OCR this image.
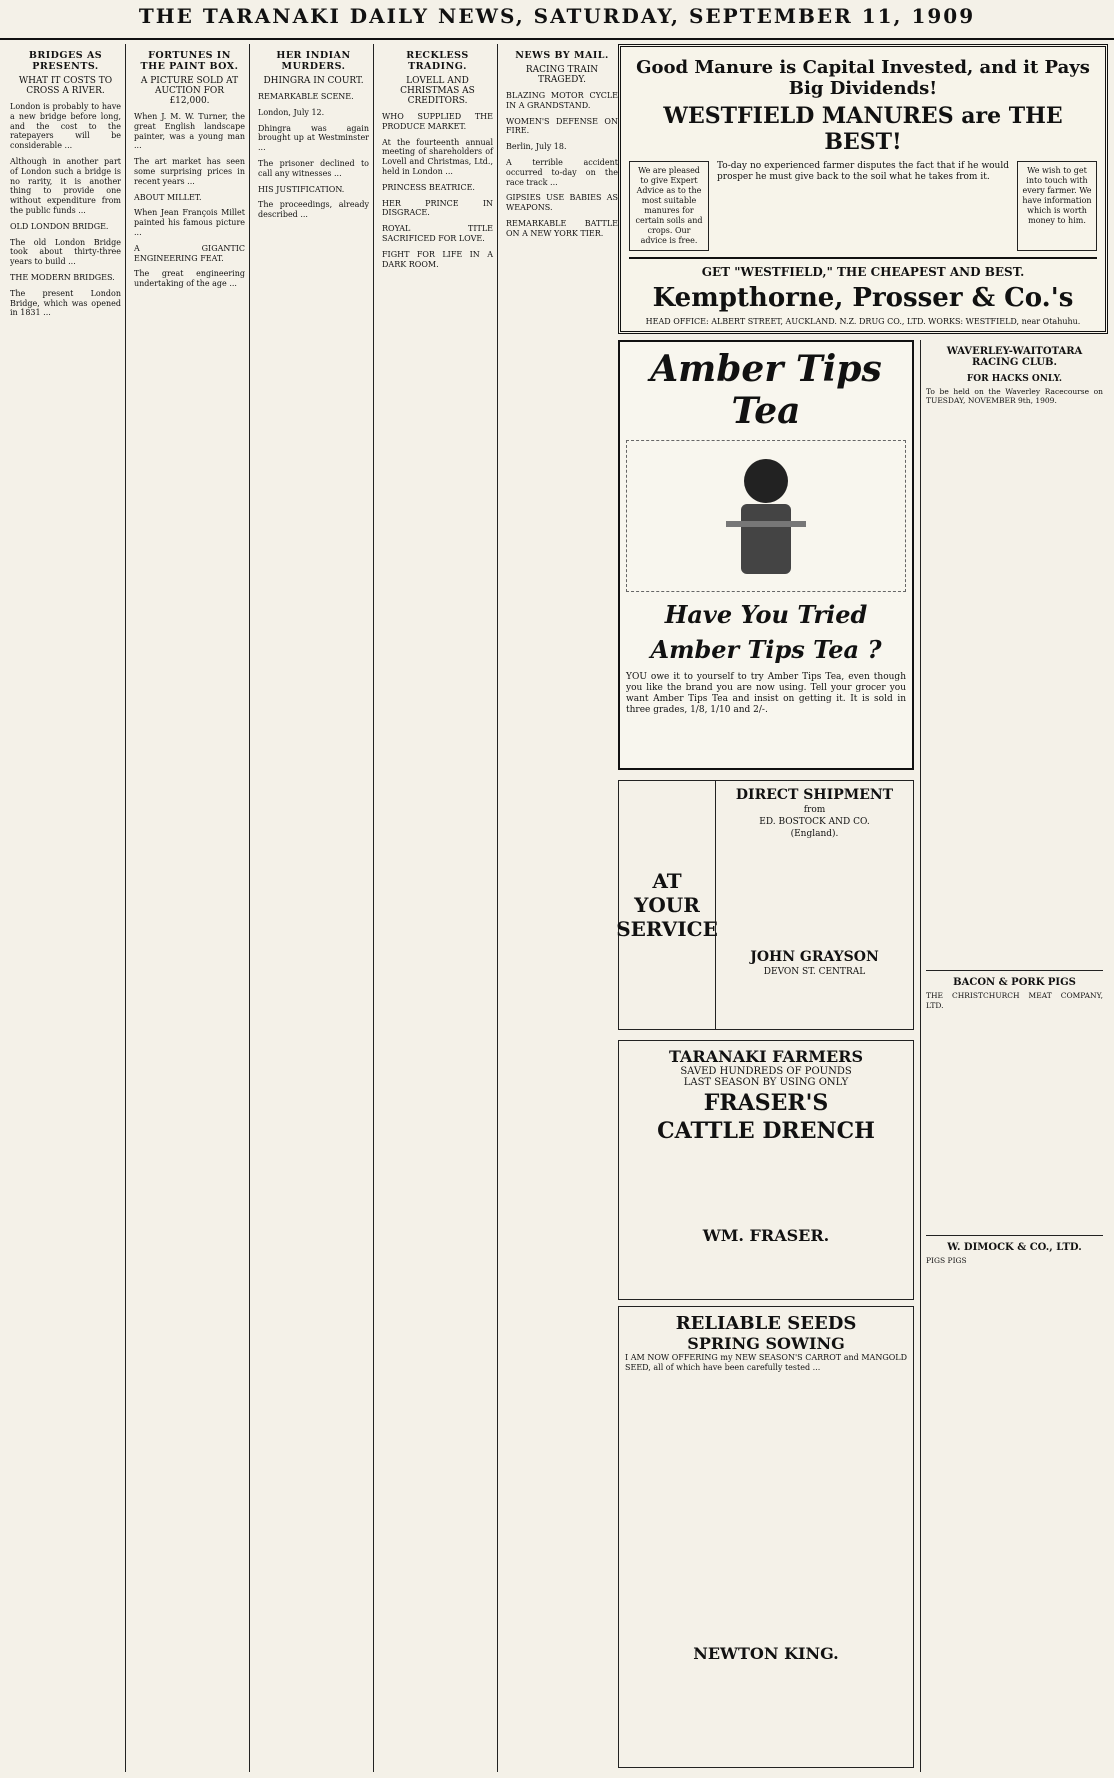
THE TARANAKI DAILY NEWS, SATURDAY, SEPTEMBER 11, 1909
BRIDGES AS PRESENTS.
WHAT IT COSTS TO CROSS A RIVER.

London is probably to have a new bridge before long, and the cost to the ratepayers will be considerable ...

Although in another part of London such a bridge is no rarity, it is another thing to provide one without expenditure from the public funds ...

OLD LONDON BRIDGE.

The old London Bridge took about thirty-three years to build ...

THE MODERN BRIDGES.

The present London Bridge, which was opened in 1831 ...

FORTUNES IN THE PAINT BOX.
A PICTURE SOLD AT AUCTION FOR £12,000.

When J. M. W. Turner, the great English landscape painter, was a young man ...

The art market has seen some surprising prices in recent years ...

ABOUT MILLET.

When Jean François Millet painted his famous picture ...

A GIGANTIC ENGINEERING FEAT.

The great engineering undertaking of the age ...

HER INDIAN MURDERS.
DHINGRA IN COURT.

REMARKABLE SCENE.

London, July 12.

Dhingra was again brought up at Westminster ...

The prisoner declined to call any witnesses ...

HIS JUSTIFICATION.

The proceedings, already described ...

RECKLESS TRADING.
LOVELL AND CHRISTMAS AS CREDITORS.

WHO SUPPLIED THE PRODUCE MARKET.

At the fourteenth annual meeting of shareholders of Lovell and Christmas, Ltd., held in London ...

PRINCESS BEATRICE.

HER PRINCE IN DISGRACE.

ROYAL TITLE SACRIFICED FOR LOVE.

FIGHT FOR LIFE IN A DARK ROOM.

NEWS BY MAIL.
RACING TRAIN TRAGEDY.

BLAZING MOTOR CYCLE IN A GRANDSTAND.

WOMEN'S DEFENSE ON FIRE.

Berlin, July 18.

A terrible accident occurred to-day on the race track ...

GIPSIES USE BABIES AS WEAPONS.

REMARKABLE BATTLE ON A NEW YORK TIER.

Good Manure is Capital Invested, and it Pays Big Dividends!
WESTFIELD MANURES are THE BEST!
We are pleased to give Expert Advice as to the most suitable manures for certain soils and crops. Our advice is free.
To-day no experienced farmer disputes the fact that if he would prosper he must give back to the soil what he takes from it.
We wish to get into touch with every farmer. We have information which is worth money to him.
GET "WESTFIELD," THE CHEAPEST AND BEST.
Kempthorne, Prosser & Co.'s
HEAD OFFICE: ALBERT STREET, AUCKLAND. N.Z. DRUG CO., LTD. WORKS: WESTFIELD, near Otahuhu.
Amber Tips Tea
Have You Tried
Amber Tips Tea ?
YOU owe it to yourself to try Amber Tips Tea, even though you like the brand you are now using. Tell your grocer you want Amber Tips Tea and insist on getting it. It is sold in three grades, 1/8, 1/10 and 2/-.
WAVERLEY-WAITOTARA RACING CLUB.
FOR HACKS ONLY.

To be held on the Waverley Racecourse on TUESDAY, NOVEMBER 9th, 1909.

BACON & PORK PIGS

THE CHRISTCHURCH MEAT COMPANY, LTD.

W. DIMOCK & CO., LTD.

PIGS PIGS

AT YOUR SERVICE
DIRECT SHIPMENT
from
ED. BOSTOCK AND CO.
(England).
JOHN GRAYSON
DEVON ST. CENTRAL
TARANAKI FARMERS
SAVED HUNDREDS OF POUNDS
LAST SEASON BY USING ONLY
FRASER'S
CATTLE DRENCH
WM. FRASER.
RELIABLE SEEDS
SPRING SOWING

I AM NOW OFFERING my NEW SEASON'S CARROT and MANGOLD SEED, all of which have been carefully tested ...

NEWTON KING.
